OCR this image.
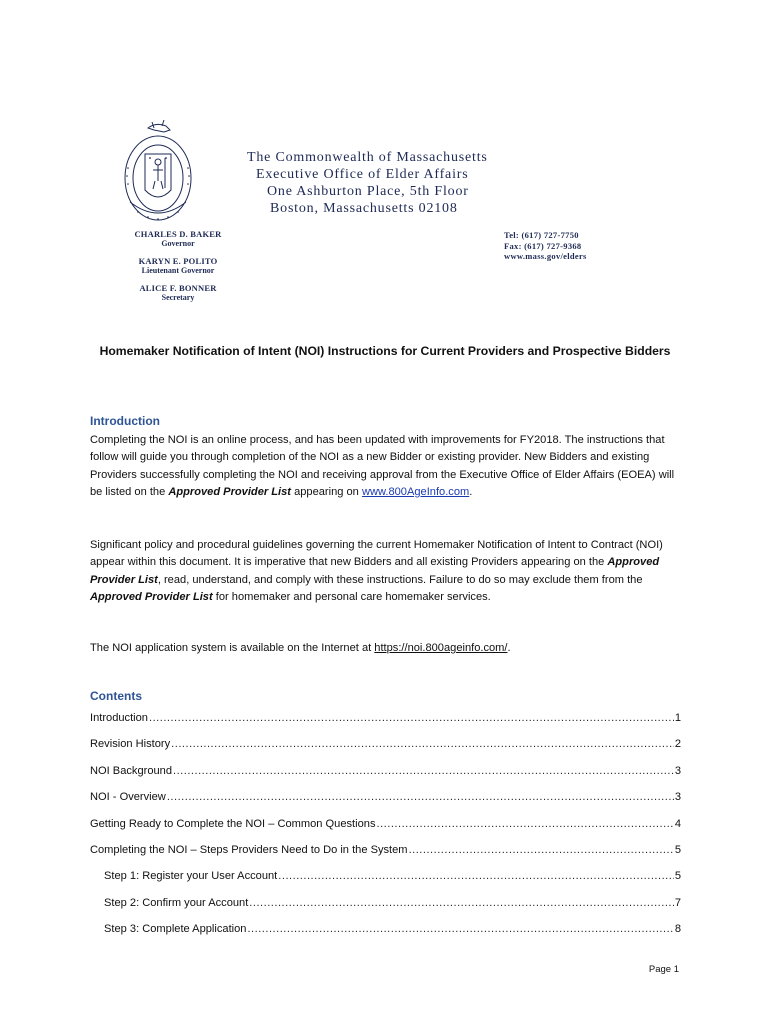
The Commonwealth of Massachusetts
Executive Office of Elder Affairs
One Ashburton Place, 5th Floor
Boston, Massachusetts 02108
CHARLES D. BAKER
Governor
KARYN E. POLITO
Lieutenant Governor
ALICE F. BONNER
Secretary
Tel: (617) 727-7750
Fax: (617) 727-9368
www.mass.gov/elders
Homemaker Notification of Intent (NOI) Instructions for Current Providers and Prospective Bidders
Introduction
Completing the NOI is an online process, and has been updated with improvements for FY2018. The instructions that follow will guide you through completion of the NOI as a new Bidder or existing provider. New Bidders and existing Providers successfully completing the NOI and receiving approval from the Executive Office of Elder Affairs (EOEA) will be listed on the Approved Provider List appearing on www.800AgeInfo.com.
Significant policy and procedural guidelines governing the current Homemaker Notification of Intent to Contract (NOI) appear within this document. It is imperative that new Bidders and all existing Providers appearing on the Approved Provider List, read, understand, and comply with these instructions. Failure to do so may exclude them from the Approved Provider List for homemaker and personal care homemaker services.
The NOI application system is available on the Internet at https://noi.800ageinfo.com/.
Contents
Introduction .....	1
Revision History .....	2
NOI Background .....	3
NOI - Overview .....	3
Getting Ready to Complete the NOI – Common Questions .....	4
Completing the NOI – Steps Providers Need to Do in the System .....	5
Step 1: Register your User Account .....	5
Step 2: Confirm your Account .....	7
Step 3: Complete Application .....	8
Page 1
